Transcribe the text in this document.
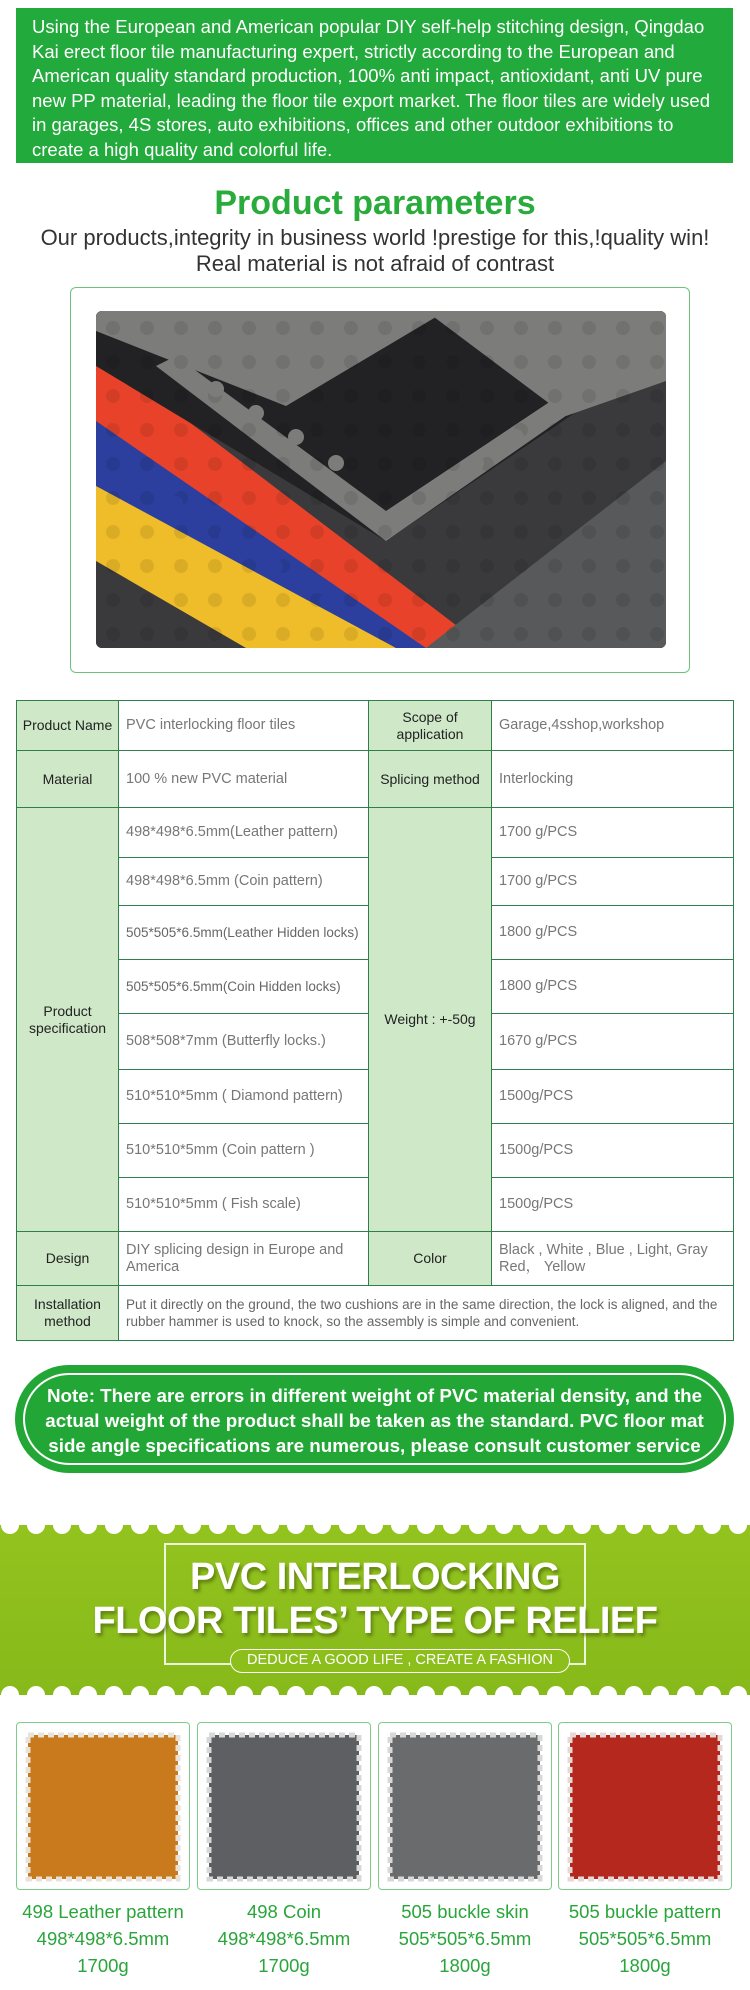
Using the European and American popular DIY self-help stitching design, Qingdao Kai erect floor tile manufacturing expert, strictly according to the European and American quality standard production, 100% anti impact, antioxidant, anti UV pure new PP material, leading the floor tile export market. The floor tiles are widely used in garages, 4S stores, auto exhibitions, offices and other outdoor exhibitions to create a high quality and colorful life.

Product parameters
Our products,integrity in business world !prestige for this,!quality win!
Real material is not afraid of contrast
Product Name	PVC interlocking floor tiles	Scope of application	Garage,4sshop,workshop
Material	100 % new PVC material	Splicing method	Interlocking
Product specification	498*498*6.5mm(Leather pattern)	Weight : +-50g	1700 g/PCS
	498*498*6.5mm (Coin pattern)		1700 g/PCS
	505*505*6.5mm(Leather Hidden locks)		1800 g/PCS
	505*505*6.5mm(Coin Hidden locks)		1800 g/PCS
	508*508*7mm (Butterfly locks.)		1670 g/PCS
	510*510*5mm ( Diamond pattern)		1500g/PCS
	510*510*5mm (Coin pattern )		1500g/PCS
	510*510*5mm ( Fish scale)		1500g/PCS
Design	DIY splicing design in Europe and America	Color	Black , White , Blue , Light, Gray Red， Yellow
Installation method	Put it directly on the ground, the two cushions are in the same direction, the lock is aligned, and the rubber hammer is used to knock, so the assembly is simple and convenient.		
Note: There are errors in different weight of PVC material density, and the actual weight of the product shall be taken as the standard. PVC floor mat side angle specifications are numerous, please consult customer service
PVC INTERLOCKING
FLOOR TILES’ TYPE OF RELIEF
DEDUCE A GOOD LIFE , CREATE A FASHION
498 Leather pattern
498*498*6.5mm
1700g
498 Coin
498*498*6.5mm
1700g
505 buckle skin
505*505*6.5mm
1800g
505 buckle pattern
505*505*6.5mm
1800g
